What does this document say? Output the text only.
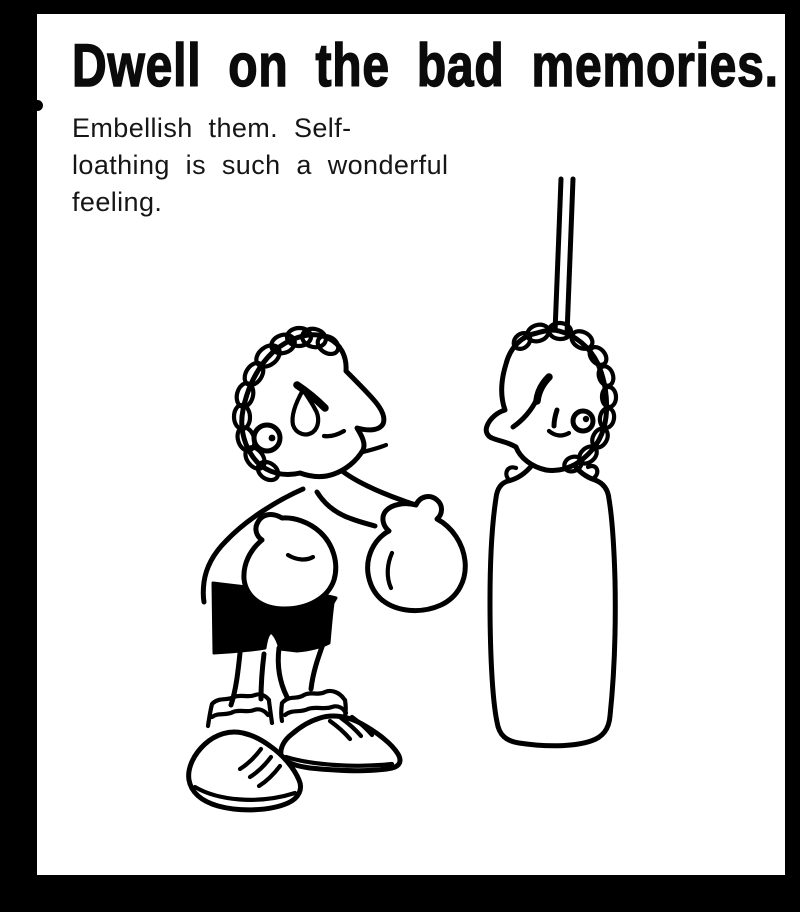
Dwell on the bad memories.
Embellish them. Self-
loathing is such a wonderful
feeling.
